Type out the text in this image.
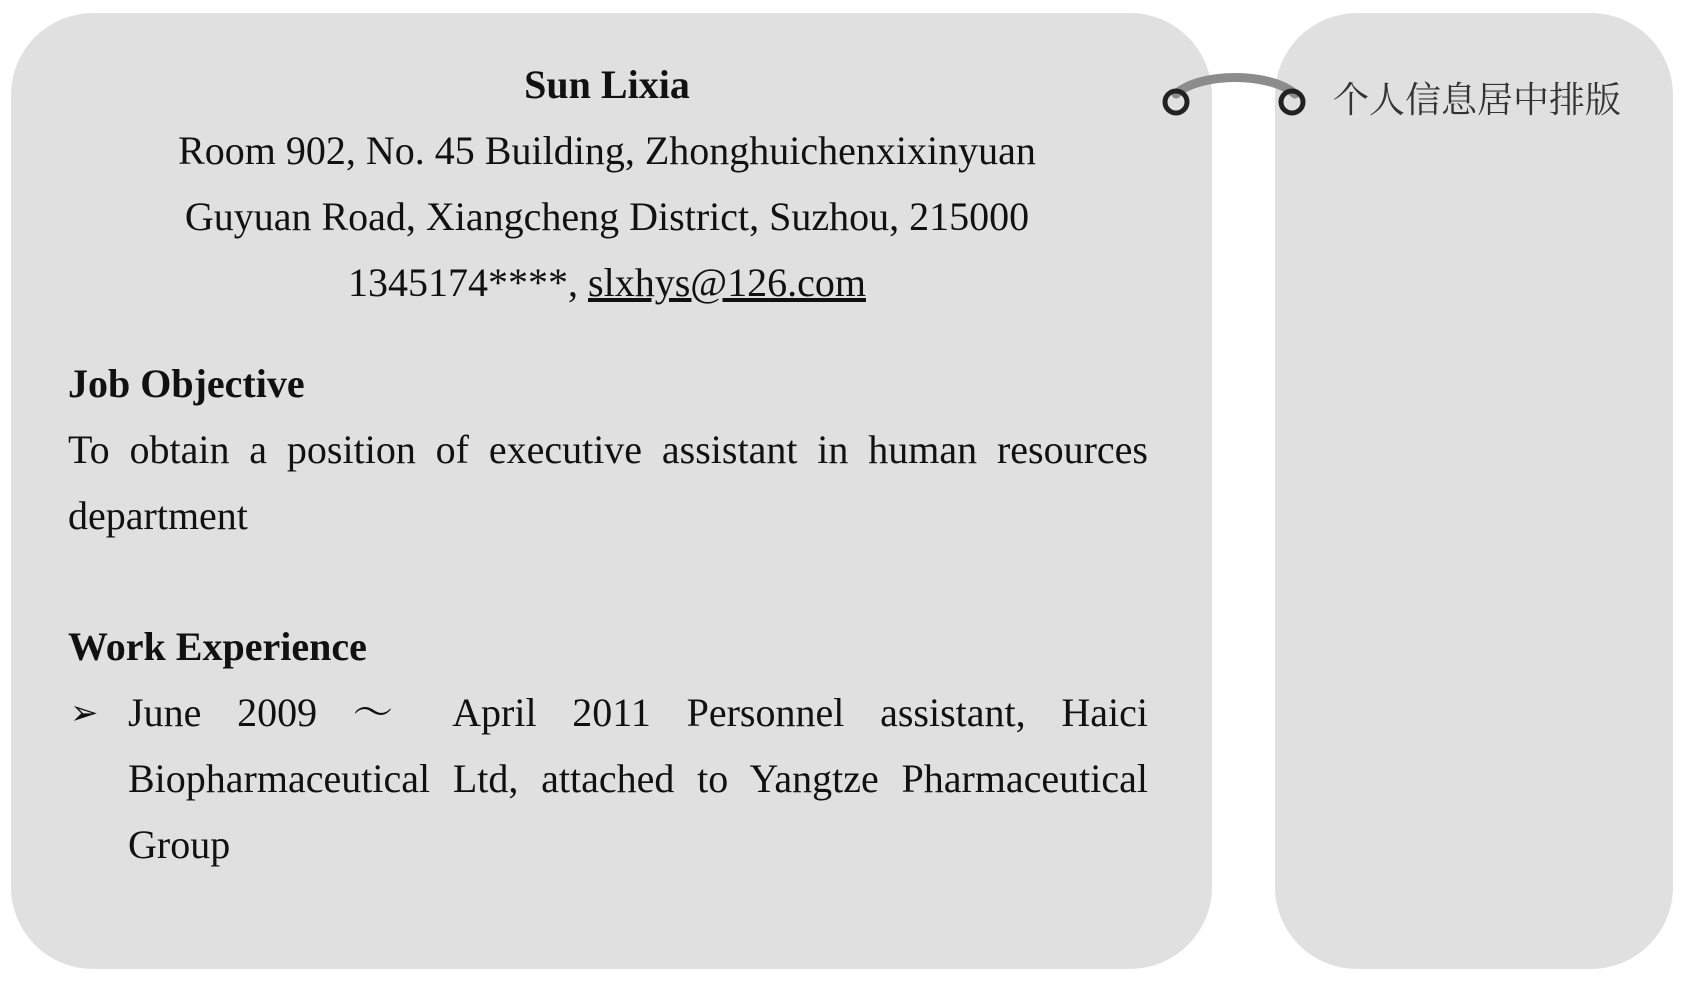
个人信息居中排版
Sun Lixia
Room 902, No. 45 Building, Zhonghuichenxixinyuan
Guyuan Road, Xiangcheng District, Suzhou, 215000
1345174****, slxhys@126.com
Job Objective
To obtain a position of executive assistant in human resources department
Work Experience
➢ June 2009 ～ April 2011 Personnel assistant, Haici Biopharmaceutical Ltd, attached to Yangtze Pharmaceutical Group
